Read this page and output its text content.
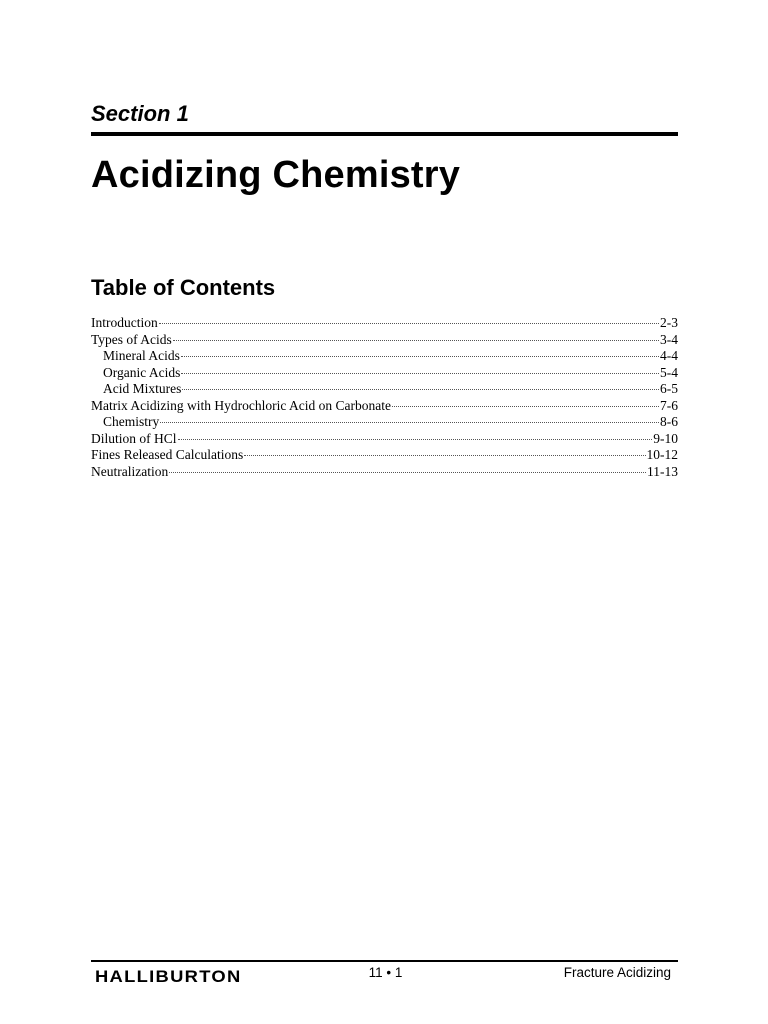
Section 1
Acidizing Chemistry
Table of Contents
Introduction	2-3
Types of Acids	3-4
Mineral Acids	4-4
Organic Acids	5-4
Acid Mixtures	6-5
Matrix Acidizing with Hydrochloric Acid on Carbonate	7-6
Chemistry	8-6
Dilution of HCl	9-10
Fines Released Calculations	10-12
Neutralization	11-13
HALLIBURTON	11 • 1	Fracture Acidizing
